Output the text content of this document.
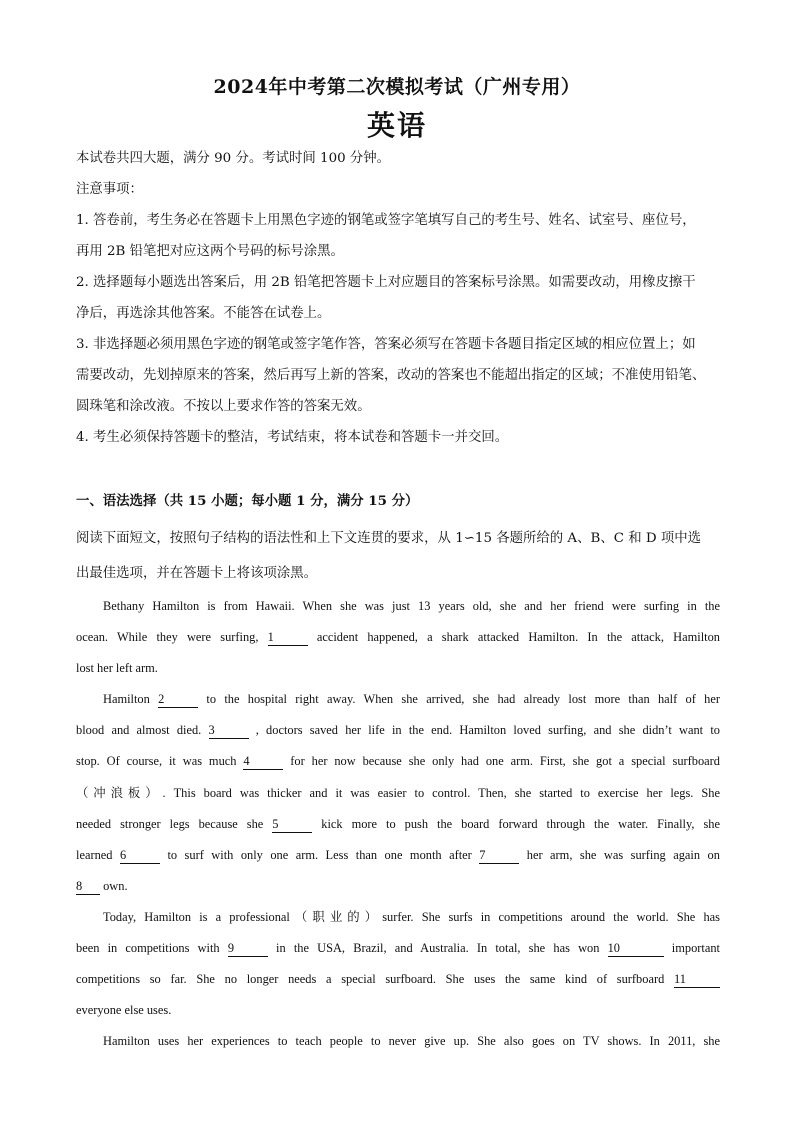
2024年中考第二次模拟考试（广州专用）
英语
本试卷共四大题，满分 90 分。考试时间 100 分钟。
注意事项：
1. 答卷前，考生务必在答题卡上用黑色字迹的钢笔或签字笔填写自己的考生号、姓名、试室号、座位号，
再用 2B 铅笔把对应这两个号码的标号涂黑。
2. 选择题每小题选出答案后，用 2B 铅笔把答题卡上对应题目的答案标号涂黑。如需要改动，用橡皮擦干
净后，再选涂其他答案。不能答在试卷上。
3. 非选择题必须用黑色字迹的钢笔或签字笔作答，答案必须写在答题卡各题目指定区域的相应位置上；如
需要改动，先划掉原来的答案，然后再写上新的答案，改动的答案也不能超出指定的区域；不准使用铅笔、
圆珠笔和涂改液。不按以上要求作答的答案无效。
4. 考生必须保持答题卡的整洁，考试结束，将本试卷和答题卡一并交回。
一、语法选择（共 15 小题；每小题 1 分，满分 15 分）
阅读下面短文，按照句子结构的语法性和上下文连贯的要求，从 1∽15 各题所给的 A、B、C 和 D 项中选
出最佳选项，并在答题卡上将该项涂黑。
Bethany Hamilton is from Hawaii. When she was just 13 years old, she and her friend were surfing in the
ocean. While they were surfing, 1	accident happened, a shark attacked Hamilton. In the attack, Hamilton
lost her left arm.
Hamilton 2	to the hospital right away. When she arrived, she had already lost more than half of her
blood and almost died. 3	, doctors saved her life in the end. Hamilton loved surfing, and she didn’t want to
stop. Of course, it was much 4	for her now because she only had one arm. First, she got a special surfboard
（冲浪板）. This board was thicker and it was easier to control. Then, she started to exercise her legs. She
needed stronger legs because she 5	kick more to push the board forward through the water. Finally, she
learned 6	to surf with only one arm. Less than one month after 7	her arm, she was surfing again on
8 own.
Today, Hamilton is a professional（职业的）surfer. She surfs in competitions around the world. She has
been in competitions with 9	in the USA, Brazil, and Australia. In total, she has won 10	important
competitions so far. She no longer needs a special surfboard. She uses the same kind of surfboard 11
everyone else uses.
Hamilton uses her experiences to teach people to never give up. She also goes on TV shows. In 2011, she
